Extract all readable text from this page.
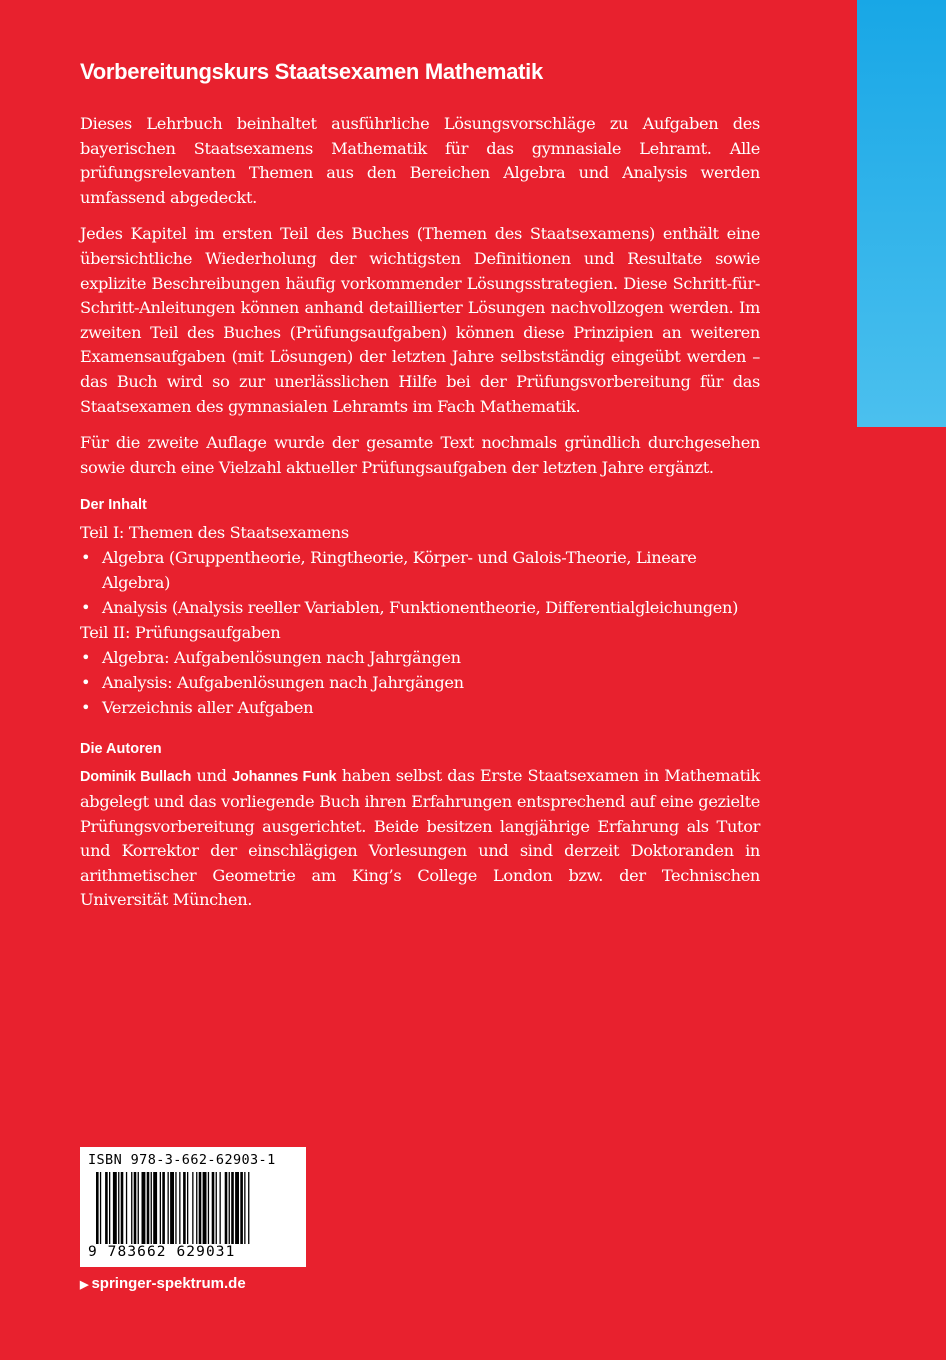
Vorbereitungskurs Staatsexamen Mathematik

Dieses Lehrbuch beinhaltet ausführliche Lösungsvorschläge zu Aufgaben des bayerischen Staatsexamens Mathematik für das gymnasiale Lehramt. Alle prüfungsrelevanten Themen aus den Bereichen Algebra und Analysis werden umfassend abgedeckt.

Jedes Kapitel im ersten Teil des Buches (Themen des Staatsexamens) enthält eine übersichtliche Wiederholung der wichtigsten Definitionen und Resultate sowie explizite Beschreibungen häufig vorkommender Lösungsstrategien. Diese Schritt-für-Schritt-Anleitungen können anhand detaillierter Lösungen nachvollzogen werden. Im zweiten Teil des Buches (Prüfungsaufgaben) können diese Prinzipien an weiteren Examensaufgaben (mit Lösungen) der letzten Jahre selbstständig eingeübt werden – das Buch wird so zur unerlässlichen Hilfe bei der Prüfungsvorbereitung für das Staatsexamen des gymnasialen Lehramts im Fach Mathematik.

Für die zweite Auflage wurde der gesamte Text nochmals gründlich durchgesehen sowie durch eine Vielzahl aktueller Prüfungsaufgaben der letzten Jahre ergänzt.

Der Inhalt
Teil I: Themen des Staatsexamens
• Algebra (Gruppentheorie, Ringtheorie, Körper- und Galois-Theorie, Lineare Algebra)
• Analysis (Analysis reeller Variablen, Funktionentheorie, Differentialgleichungen)
Teil II: Prüfungsaufgaben
• Algebra: Aufgabenlösungen nach Jahrgängen
• Analysis: Aufgabenlösungen nach Jahrgängen
• Verzeichnis aller Aufgaben
Die Autoren

Dominik Bullach und Johannes Funk haben selbst das Erste Staatsexamen in Mathematik abgelegt und das vorliegende Buch ihren Erfahrungen entsprechend auf eine gezielte Prüfungsvorbereitung ausgerichtet. Beide besitzen langjährige Erfahrung als Tutor und Korrektor der einschlägigen Vorlesungen und sind derzeit Doktoranden in arithmetischer Geometrie am King’s College London bzw. der Technischen Universität München.

ISBN 978-3-662-62903-1
9 783662 629031
▶ springer-spektrum.de
